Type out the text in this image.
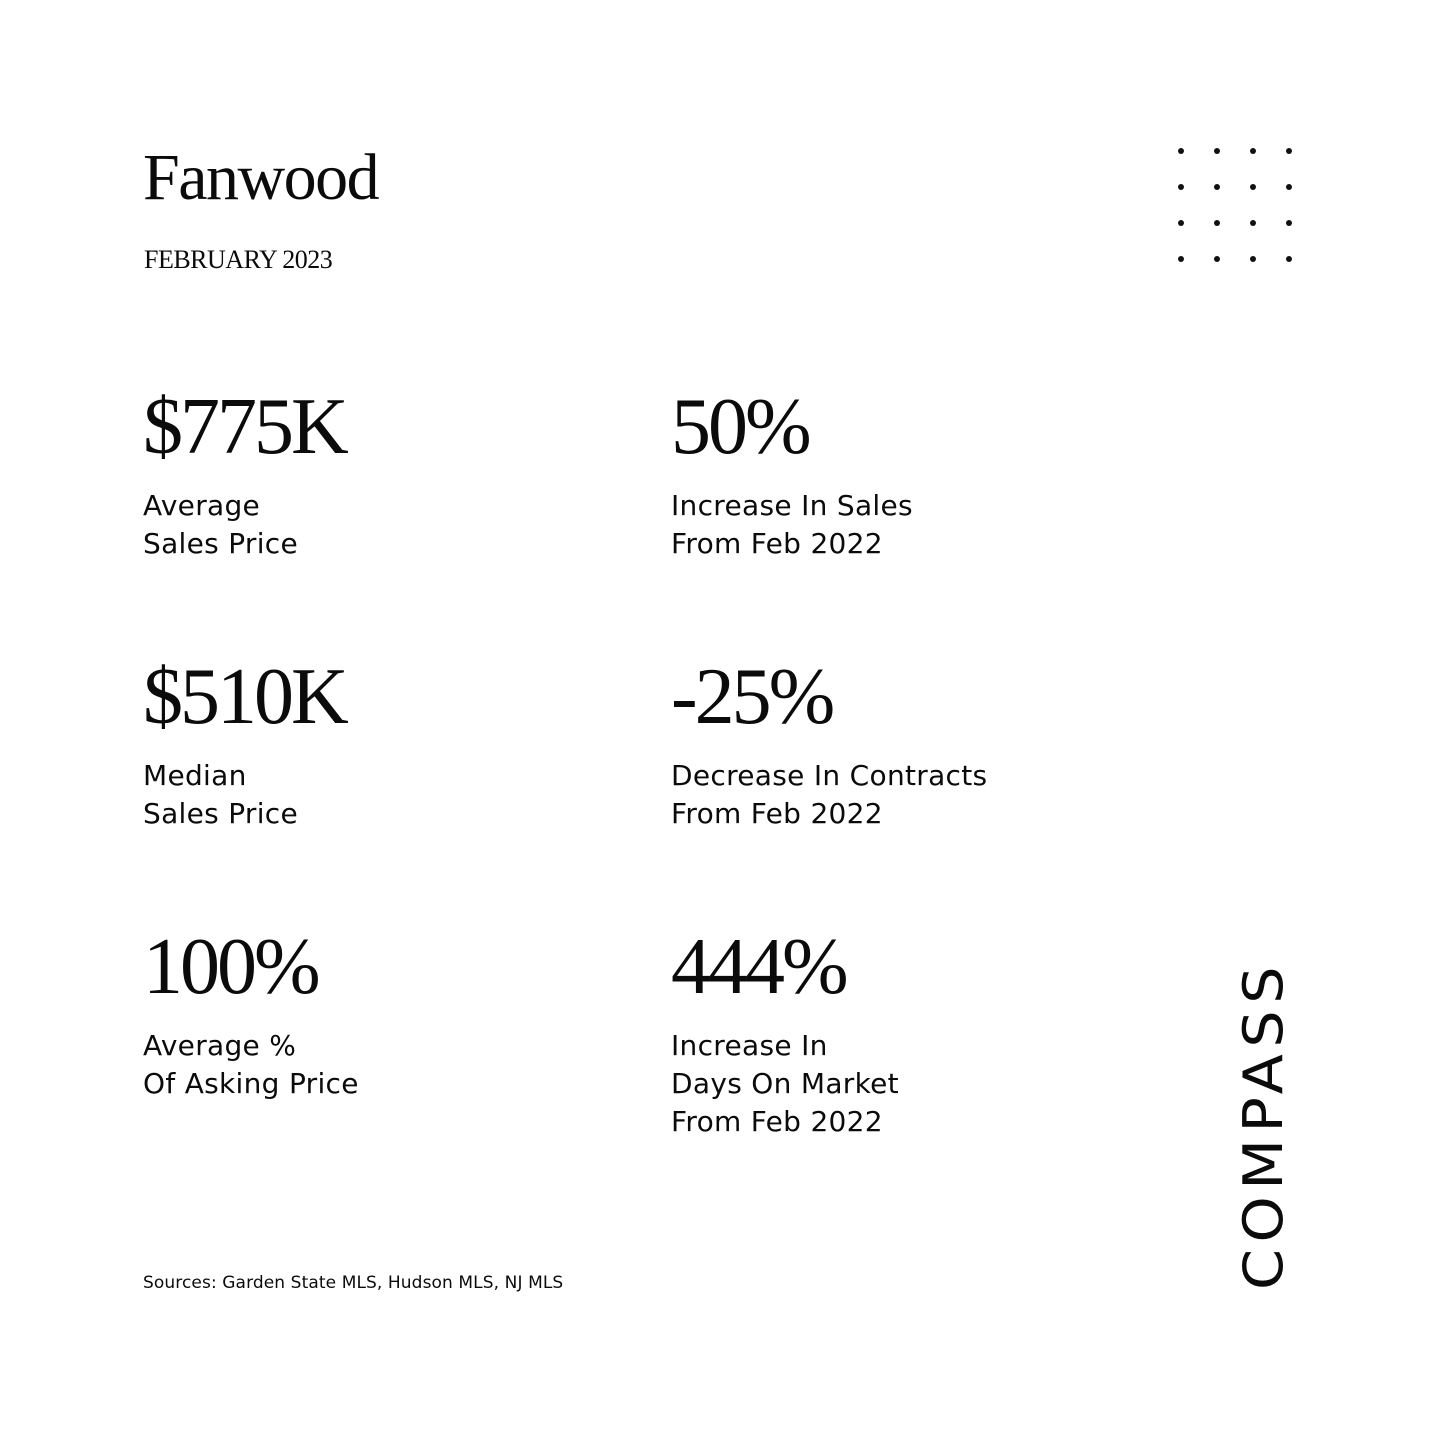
Fanwood
FEBRUARY 2023
$775K
Average
Sales Price
50%
Increase In Sales
From Feb 2022
$510K
Median
Sales Price
-25%
Decrease In Contracts
From Feb 2022
100%
Average %
Of Asking Price
444%
Increase In
Days On Market
From Feb 2022
Sources: Garden State MLS, Hudson MLS, NJ MLS	COMPASS
